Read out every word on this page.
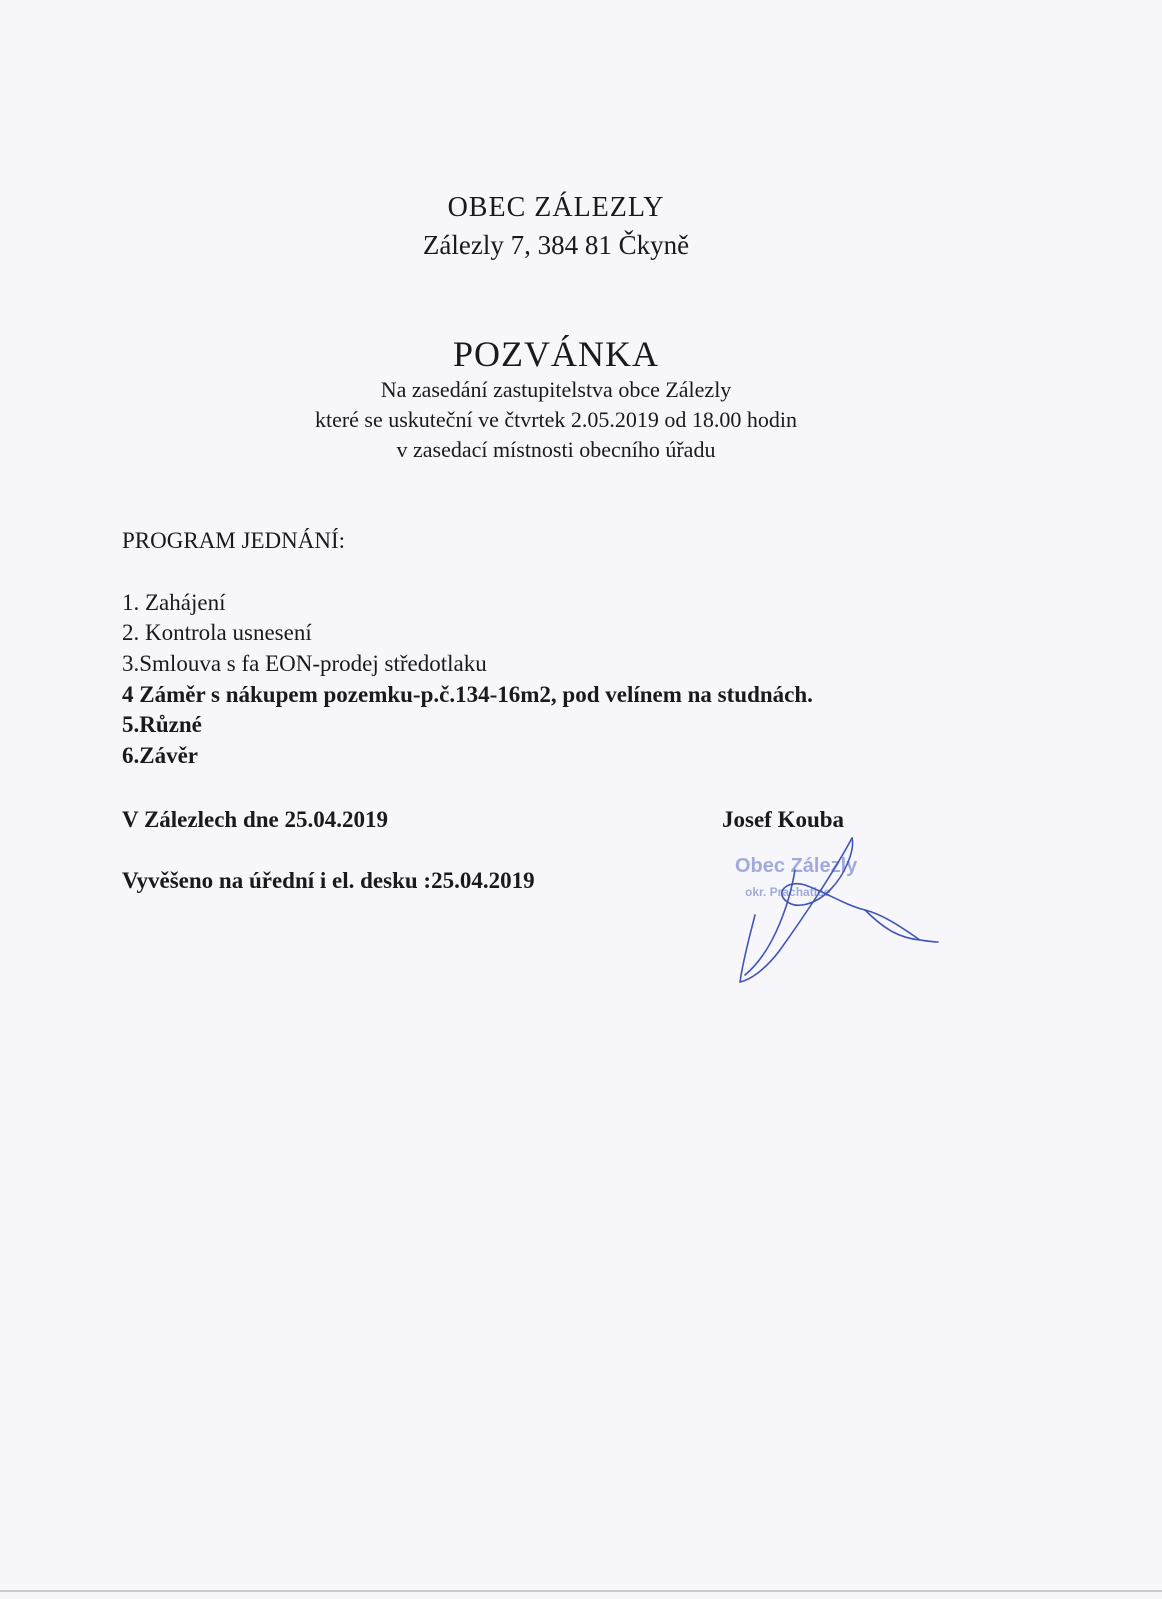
OBEC ZÁLEZLY
Zálezly 7, 384 81 Čkyně
POZVÁNKA
Na zasedání zastupitelstva obce Zálezly
které se uskuteční ve čtvrtek 2.05.2019 od 18.00 hodin
v zasedací místnosti obecního úřadu
PROGRAM JEDNÁNÍ:
1. Zahájení
2. Kontrola usnesení
3.Smlouva s fa EON-prodej středotlaku
4 Záměr s nákupem pozemku-p.č.134-16m2, pod velínem na studnách.
5.Různé
6.Závěr
V Zálezlech dne 25.04.2019	Josef Kouba
Vyvěšeno na úřední i el. desku :25.04.2019
Obec Zálezly
okr. Prachatice
